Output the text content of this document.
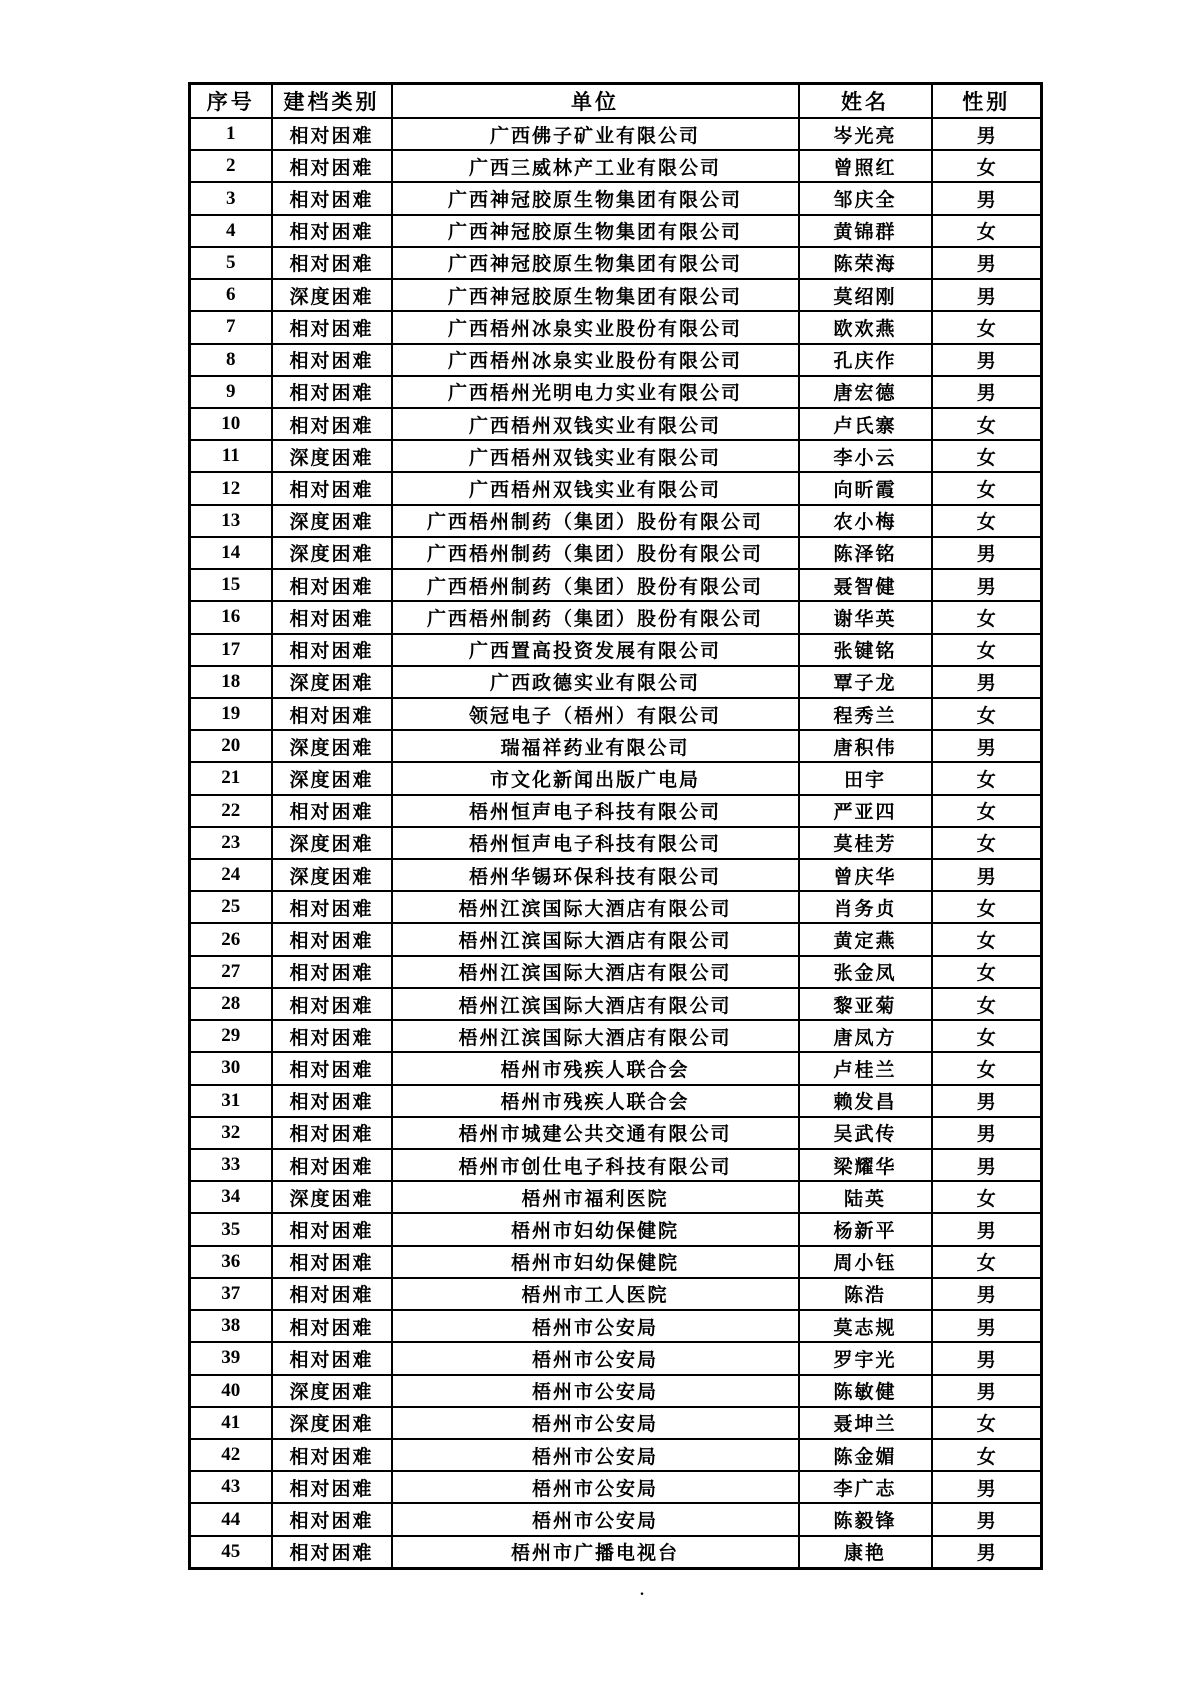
序号	建档类别	单位	姓名	性别
1	相对困难	广西佛子矿业有限公司	岑光亮	男
2	相对困难	广西三威林产工业有限公司	曾照红	女
3	相对困难	广西神冠胶原生物集团有限公司	邹庆全	男
4	相对困难	广西神冠胶原生物集团有限公司	黄锦群	女
5	相对困难	广西神冠胶原生物集团有限公司	陈荣海	男
6	深度困难	广西神冠胶原生物集团有限公司	莫绍刚	男
7	相对困难	广西梧州冰泉实业股份有限公司	欧欢燕	女
8	相对困难	广西梧州冰泉实业股份有限公司	孔庆作	男
9	相对困难	广西梧州光明电力实业有限公司	唐宏德	男
10	相对困难	广西梧州双钱实业有限公司	卢氏寨	女
11	深度困难	广西梧州双钱实业有限公司	李小云	女
12	相对困难	广西梧州双钱实业有限公司	向昕霞	女
13	深度困难	广西梧州制药（集团）股份有限公司	农小梅	女
14	深度困难	广西梧州制药（集团）股份有限公司	陈泽铭	男
15	相对困难	广西梧州制药（集团）股份有限公司	聂智健	男
16	相对困难	广西梧州制药（集团）股份有限公司	谢华英	女
17	相对困难	广西置高投资发展有限公司	张键铭	女
18	深度困难	广西政德实业有限公司	覃子龙	男
19	相对困难	领冠电子（梧州）有限公司	程秀兰	女
20	深度困难	瑞福祥药业有限公司	唐积伟	男
21	深度困难	市文化新闻出版广电局	田宇	女
22	相对困难	梧州恒声电子科技有限公司	严亚四	女
23	深度困难	梧州恒声电子科技有限公司	莫桂芳	女
24	深度困难	梧州华锡环保科技有限公司	曾庆华	男
25	相对困难	梧州江滨国际大酒店有限公司	肖务贞	女
26	相对困难	梧州江滨国际大酒店有限公司	黄定燕	女
27	相对困难	梧州江滨国际大酒店有限公司	张金凤	女
28	相对困难	梧州江滨国际大酒店有限公司	黎亚菊	女
29	相对困难	梧州江滨国际大酒店有限公司	唐凤方	女
30	相对困难	梧州市残疾人联合会	卢桂兰	女
31	相对困难	梧州市残疾人联合会	赖发昌	男
32	相对困难	梧州市城建公共交通有限公司	吴武传	男
33	相对困难	梧州市创仕电子科技有限公司	梁耀华	男
34	深度困难	梧州市福利医院	陆英	女
35	相对困难	梧州市妇幼保健院	杨新平	男
36	相对困难	梧州市妇幼保健院	周小钰	女
37	相对困难	梧州市工人医院	陈浩	男
38	相对困难	梧州市公安局	莫志规	男
39	相对困难	梧州市公安局	罗宇光	男
40	深度困难	梧州市公安局	陈敏健	男
41	深度困难	梧州市公安局	聂坤兰	女
42	相对困难	梧州市公安局	陈金媚	女
43	相对困难	梧州市公安局	李广志	男
44	相对困难	梧州市公安局	陈毅锋	男
45	相对困难	梧州市广播电视台	康艳	男
.
